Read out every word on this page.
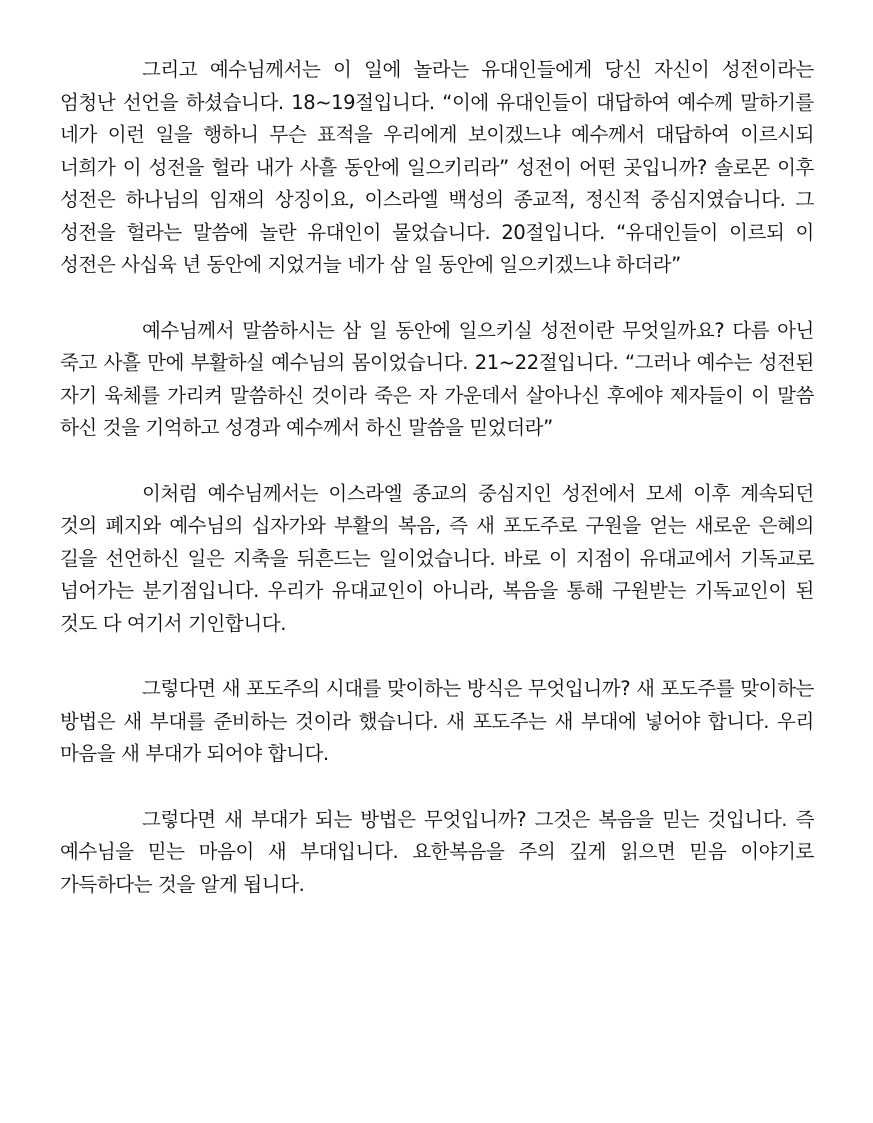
그리고 예수님께서는 이 일에 놀라는 유대인들에게 당신 자신이 성전이라는 엄청난 선언을 하셨습니다. 18~19절입니다. “이에 유대인들이 대답하여 예수께 말하기를 네가 이런 일을 행하니 무슨 표적을 우리에게 보이겠느냐 예수께서 대답하여 이르시되 너희가 이 성전을 헐라 내가 사흘 동안에 일으키리라” 성전이 어떤 곳입니까? 솔로몬 이후 성전은 하나님의 임재의 상징이요, 이스라엘 백성의 종교적, 정신적 중심지였습니다. 그 성전을 헐라는 말씀에 놀란 유대인이 물었습니다. 20절입니다. “유대인들이 이르되 이 성전은 사십육 년 동안에 지었거늘 네가 삼 일 동안에 일으키겠느냐 하더라”

예수님께서 말씀하시는 삼 일 동안에 일으키실 성전이란 무엇일까요? 다름 아닌 죽고 사흘 만에 부활하실 예수님의 몸이었습니다. 21~22절입니다. “그러나 예수는 성전된 자기 육체를 가리켜 말씀하신 것이라 죽은 자 가운데서 살아나신 후에야 제자들이 이 말씀 하신 것을 기억하고 성경과 예수께서 하신 말씀을 믿었더라”

이처럼 예수님께서는 이스라엘 종교의 중심지인 성전에서 모세 이후 계속되던 것의 폐지와 예수님의 십자가와 부활의 복음, 즉 새 포도주로 구원을 얻는 새로운 은혜의 길을 선언하신 일은 지축을 뒤흔드는 일이었습니다. 바로 이 지점이 유대교에서 기독교로 넘어가는 분기점입니다. 우리가 유대교인이 아니라, 복음을 통해 구원받는 기독교인이 된 것도 다 여기서 기인합니다.

그렇다면 새 포도주의 시대를 맞이하는 방식은 무엇입니까? 새 포도주를 맞이하는 방법은 새 부대를 준비하는 것이라 했습니다. 새 포도주는 새 부대에 넣어야 합니다. 우리 마음을 새 부대가 되어야 합니다.

그렇다면 새 부대가 되는 방법은 무엇입니까? 그것은 복음을 믿는 것입니다. 즉 예수님을 믿는 마음이 새 부대입니다. 요한복음을 주의 깊게 읽으면 믿음 이야기로 가득하다는 것을 알게 됩니다.
